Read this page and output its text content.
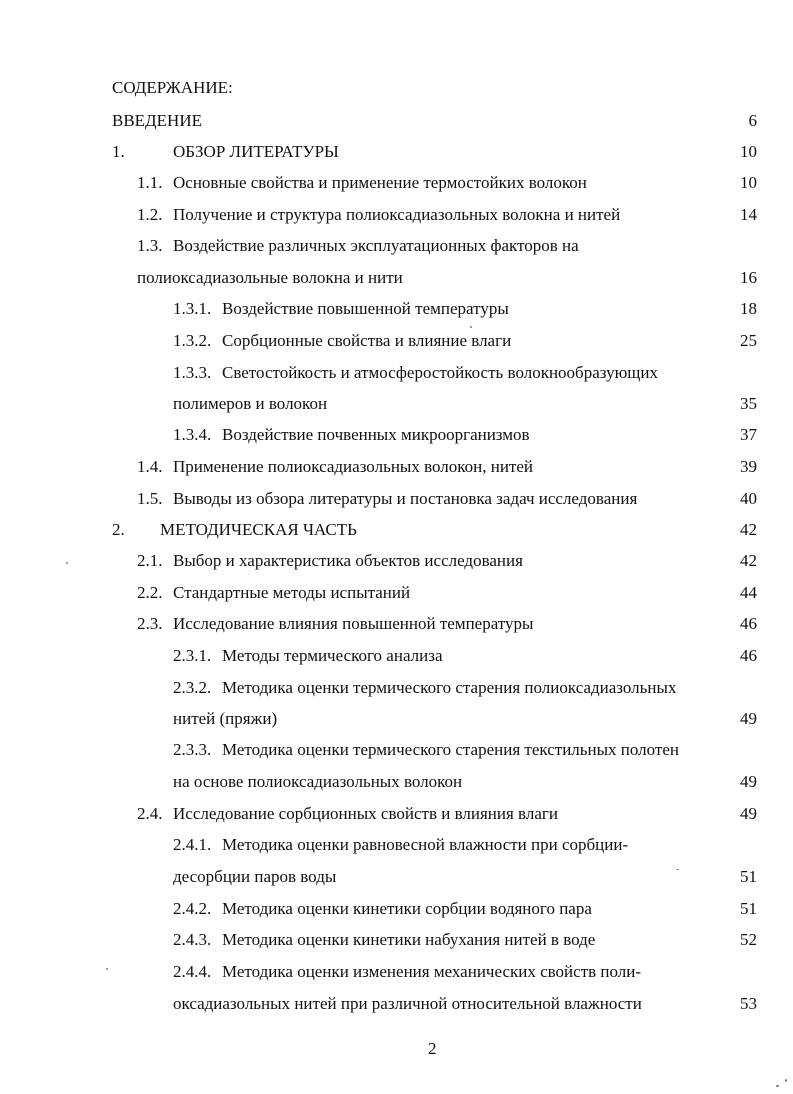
СОДЕРЖАНИЕ:
ВВЕДЕНИЕ	6
1.	ОБЗОР ЛИТЕРАТУРЫ	10
1.1. Основные свойства и применение термостойких волокон	10
1.2. Получение и структура полиоксадиазольных волокна и нитей	14
1.3. Воздействие различных эксплуатационных факторов на
полиоксадиазольные волокна и нити	16
1.3.1. Воздействие повышенной температуры	18
1.3.2. Сорбционные свойства и влияние влаги	25
1.3.3. Светостойкость и атмосферостойкость волокнообразующих
полимеров и волокон	35
1.3.4. Воздействие почвенных микроорганизмов	37
1.4. Применение полиоксадиазольных волокон, нитей	39
1.5. Выводы из обзора литературы и постановка задач исследования	40
2. МЕТОДИЧЕСКАЯ ЧАСТЬ	42
2.1. Выбор и характеристика объектов исследования	42
2.2. Стандартные методы испытаний	44
2.3. Исследование влияния повышенной температуры	46
2.3.1. Методы термического анализа	46
2.3.2. Методика оценки термического старения полиоксадиазольных
нитей (пряжи)	49
2.3.3. Методика оценки термического старения текстильных полотен
на основе полиоксадиазольных волокон	49
2.4. Исследование сорбционных свойств и влияния влаги	49
2.4.1. Методика оценки равновесной влажности при сорбции-
десорбции паров воды	51
2.4.2. Методика оценки кинетики сорбции водяного пара	51
2.4.3. Методика оценки кинетики набухания нитей в воде	52
2.4.4. Методика оценки изменения механических свойств поли-
оксадиазольных нитей при различной относительной влажности	53
2
